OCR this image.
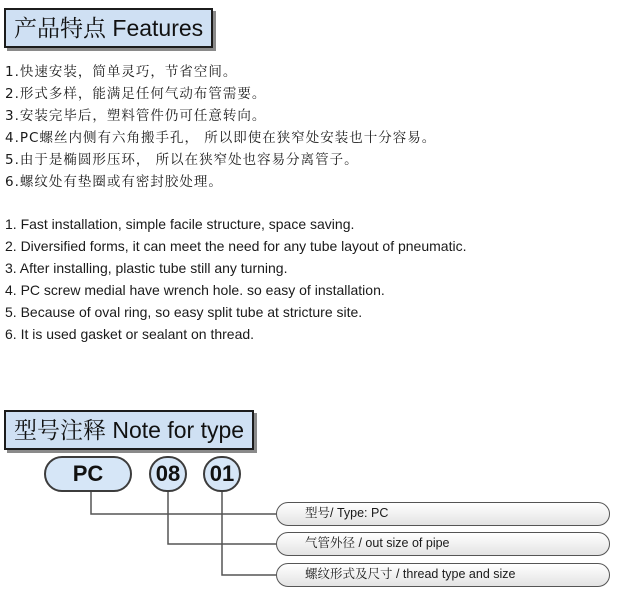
产品特点 Features
1.快速安装，简单灵巧，节省空间。
2.形式多样，能满足任何气动布管需要。
3.安装完毕后，塑料管件仍可任意转向。
4.PC螺丝内侧有六角搬手孔， 所以即使在狭窄处安装也十分容易。
5.由于是椭圆形压环， 所以在狭窄处也容易分离管子。
6.螺纹处有垫圈或有密封胶处理。
1. Fast installation, simple facile structure, space saving.
2. Diversified forms, it can meet the need for any tube layout of pneumatic.
3. After installing, plastic tube still any turning.
4. PC screw medial have wrench hole. so easy of installation.
5. Because of oval ring, so easy split tube at stricture site.
6. It is used gasket or sealant on thread.
型号注释 Note for type
PC	08	01
型号/ Type: PC
气管外径 / out size of pipe
螺纹形式及尺寸 / thread type and size
